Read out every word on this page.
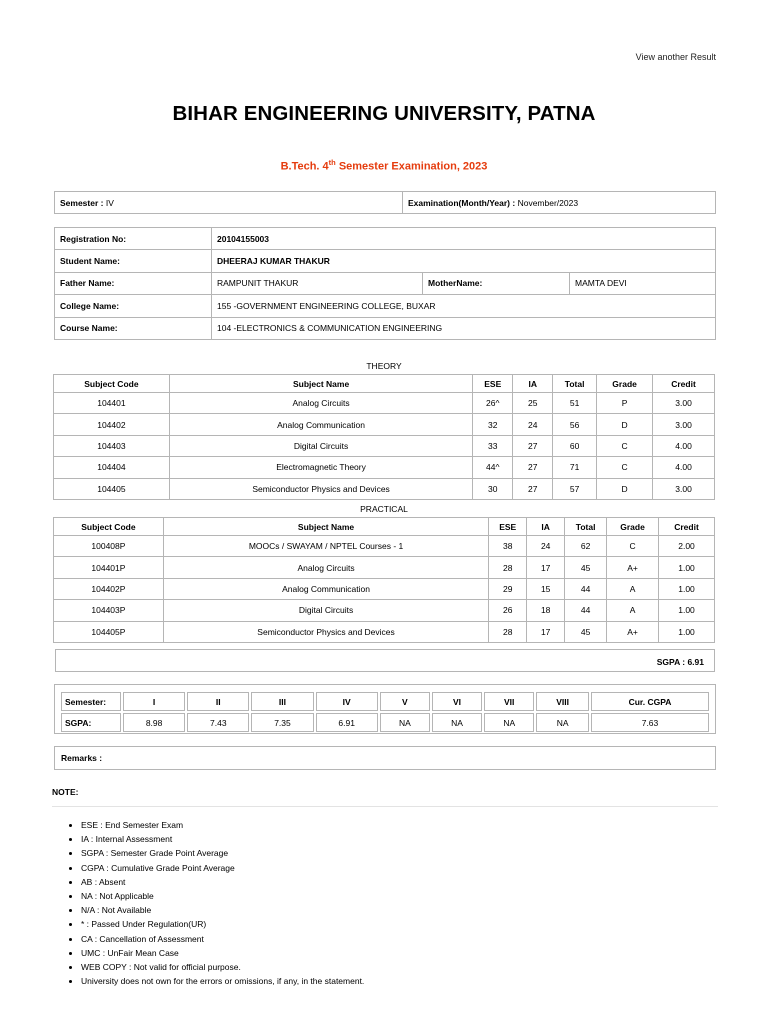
View another Result
BIHAR ENGINEERING UNIVERSITY, PATNA
B.Tech. 4th Semester Examination, 2023
Semester : IV	Examination(Month/Year) : November/2023
Registration No:	20104155003		
Student Name:	DHEERAJ KUMAR THAKUR		
Father Name:	RAMPUNIT THAKUR	MotherName:	MAMTA DEVI
College Name:	155 -GOVERNMENT ENGINEERING COLLEGE, BUXAR		
Course Name:	104 -ELECTRONICS & COMMUNICATION ENGINEERING		
THEORY
Subject Code	Subject Name	ESE	IA	Total	Grade	Credit
104401	Analog Circuits	26^	25	51	P	3.00
104402	Analog Communication	32	24	56	D	3.00
104403	Digital Circuits	33	27	60	C	4.00
104404	Electromagnetic Theory	44^	27	71	C	4.00
104405	Semiconductor Physics and Devices	30	27	57	D	3.00
PRACTICAL
Subject Code	Subject Name	ESE	IA	Total	Grade	Credit
100408P	MOOCs / SWAYAM / NPTEL Courses - 1	38	24	62	C	2.00
104401P	Analog Circuits	28	17	45	A+	1.00
104402P	Analog Communication	29	15	44	A	1.00
104403P	Digital Circuits	26	18	44	A	1.00
104405P	Semiconductor Physics and Devices	28	17	45	A+	1.00
SGPA : 6.91
Semester:	I	II	III	IV	V	VI	VII	VIII	Cur. CGPA
SGPA:	8.98	7.43	7.35	6.91	NA	NA	NA	NA	7.63
Remarks :
NOTE:
• ESE : End Semester Exam
• IA : Internal Assessment
• SGPA : Semester Grade Point Average
• CGPA : Cumulative Grade Point Average
• AB : Absent
• NA : Not Applicable
• N/A : Not Available
• * : Passed Under Regulation(UR)
• CA : Cancellation of Assessment
• UMC : UnFair Mean Case
• WEB COPY : Not valid for official purpose.
• University does not own for the errors or omissions, if any, in the statement.
